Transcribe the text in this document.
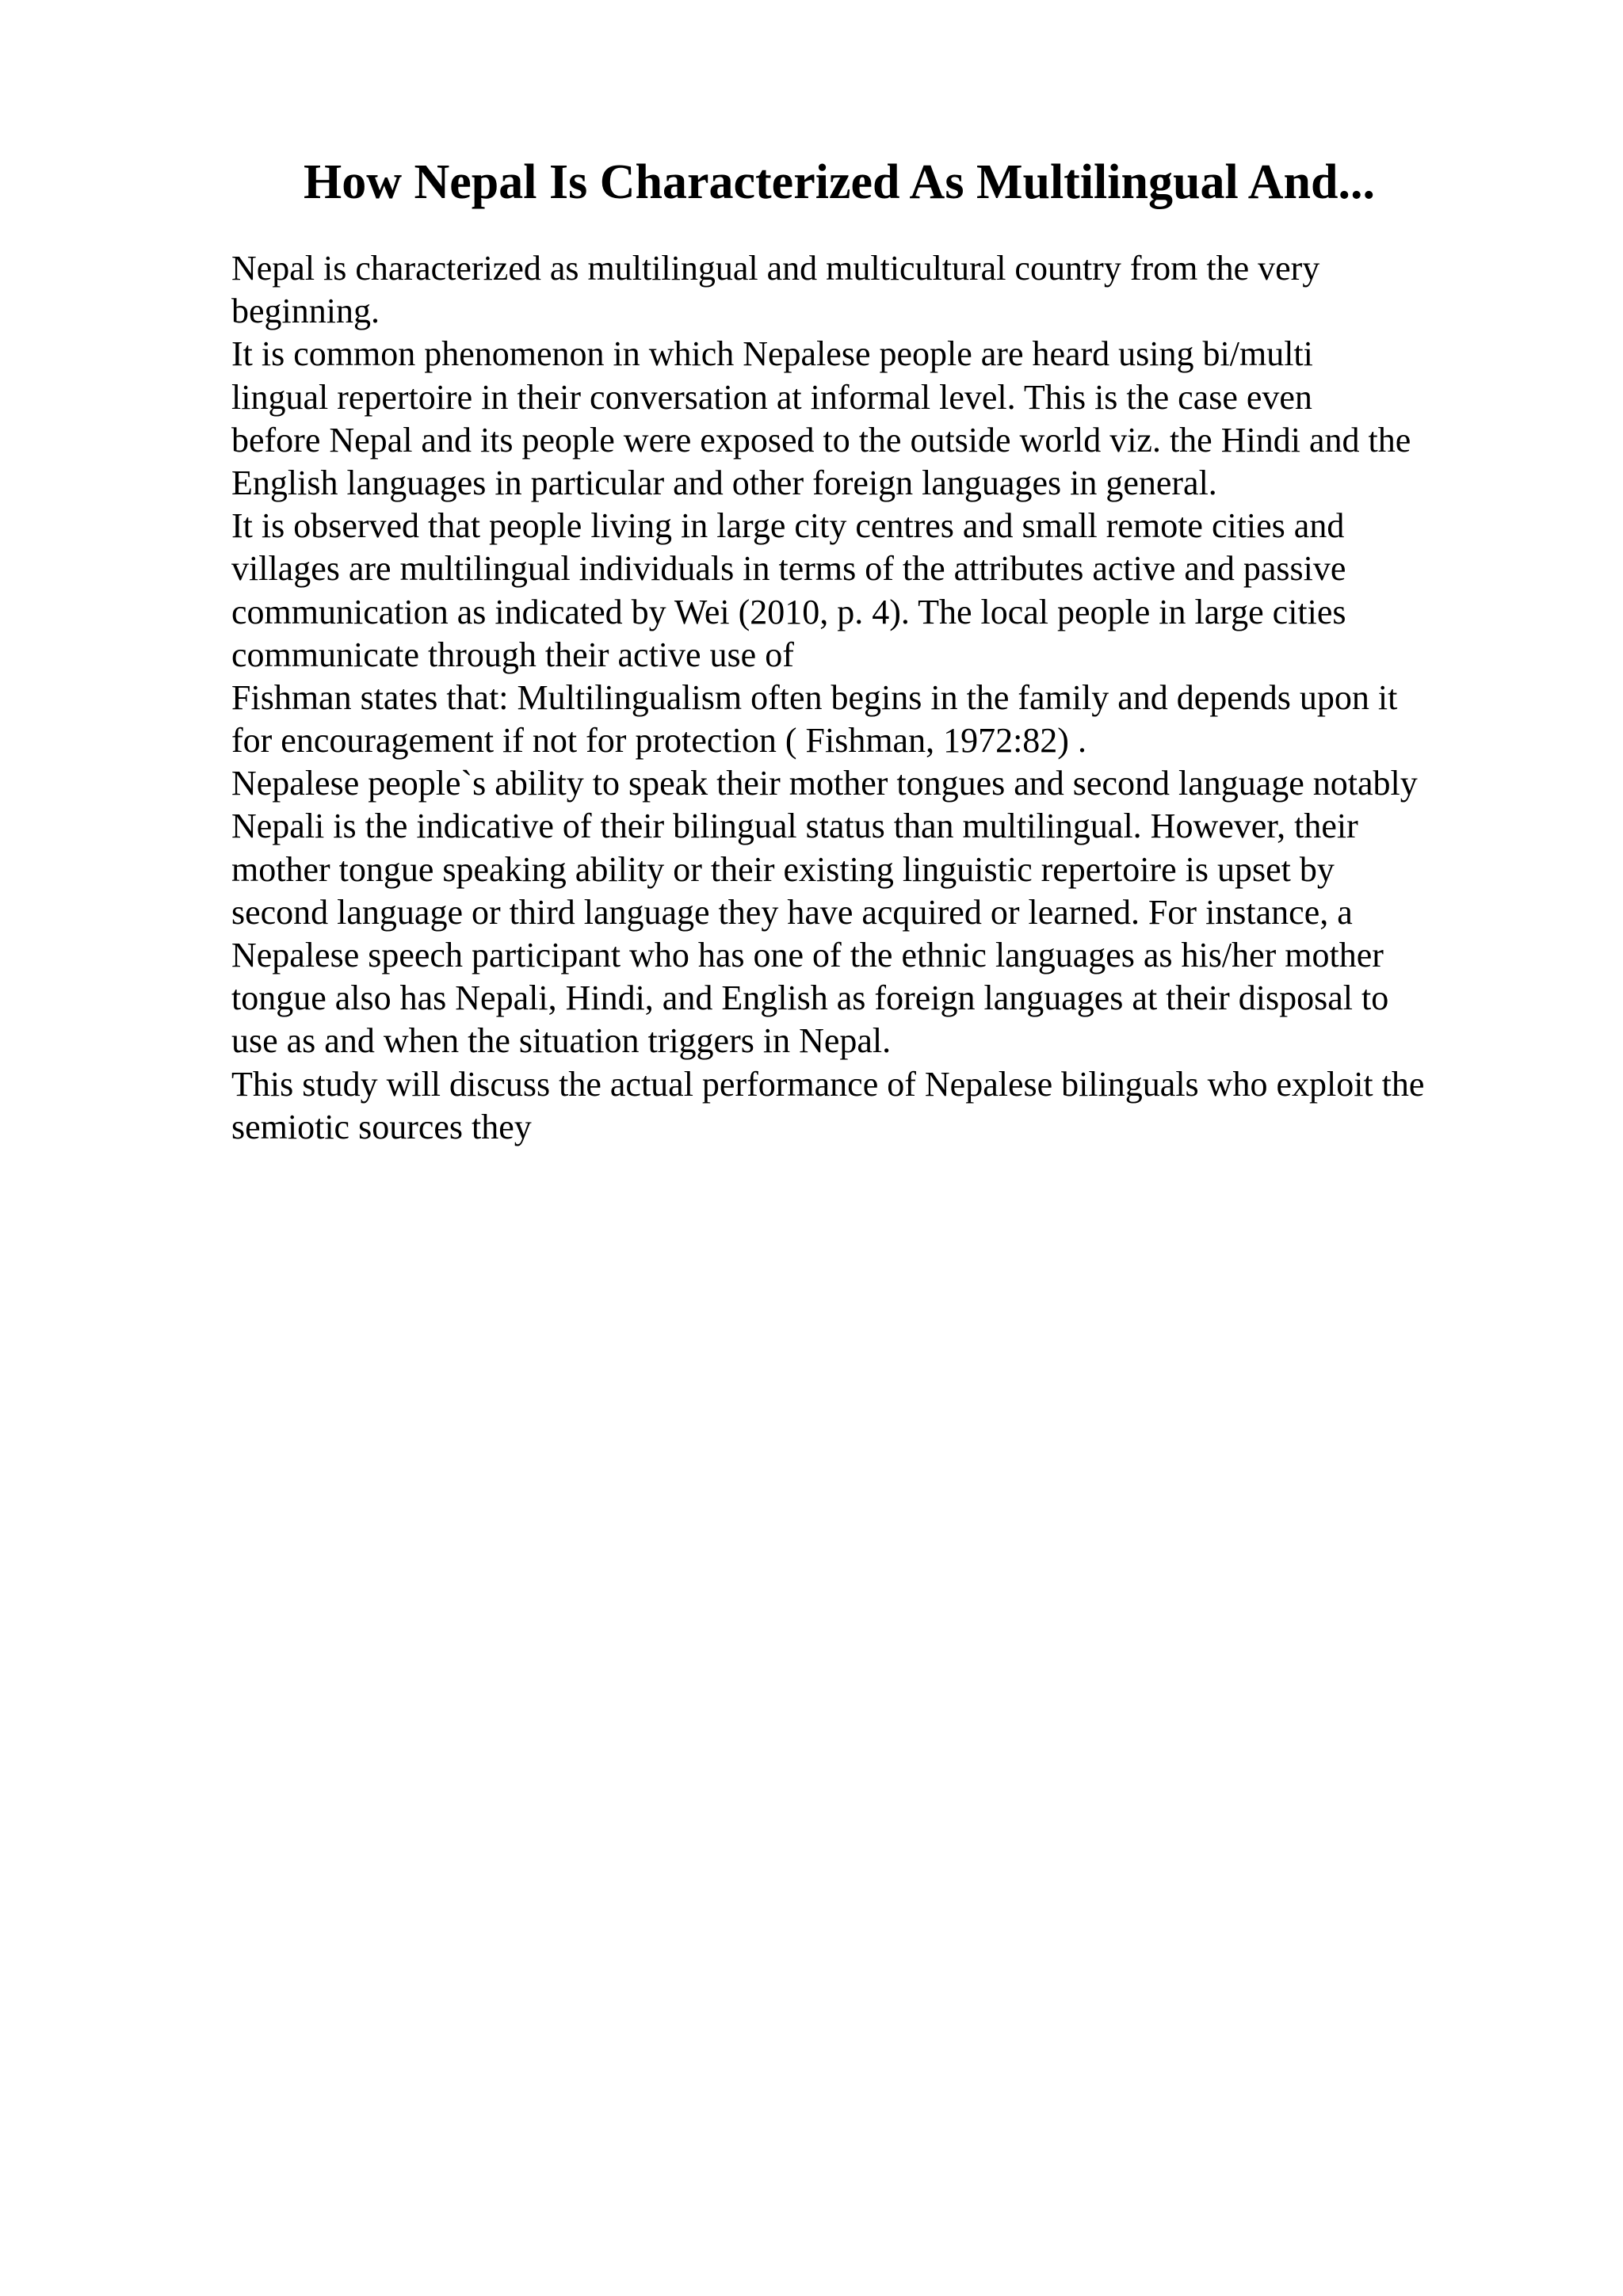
How Nepal Is Characterized As Multilingual And...
Nepal is characterized as multilingual and multicultural country from the very
beginning.
It is common phenomenon in which Nepalese people are heard using bi/multi
lingual repertoire in their conversation at informal level. This is the case even
before Nepal and its people were exposed to the outside world viz. the Hindi and the
English languages in particular and other foreign languages in general.
It is observed that people living in large city centres and small remote cities and
villages are multilingual individuals in terms of the attributes active and passive
communication as indicated by Wei (2010, p. 4). The local people in large cities
communicate through their active use of
Fishman states that: Multilingualism often begins in the family and depends upon it
for encouragement if not for protection ( Fishman, 1972:82) .
Nepalese people`s ability to speak their mother tongues and second language notably
Nepali is the indicative of their bilingual status than multilingual. However, their
mother tongue speaking ability or their existing linguistic repertoire is upset by
second language or third language they have acquired or learned. For instance, a
Nepalese speech participant who has one of the ethnic languages as his/her mother
tongue also has Nepali, Hindi, and English as foreign languages at their disposal to
use as and when the situation triggers in Nepal.
This study will discuss the actual performance of Nepalese bilinguals who exploit the
semiotic sources they
